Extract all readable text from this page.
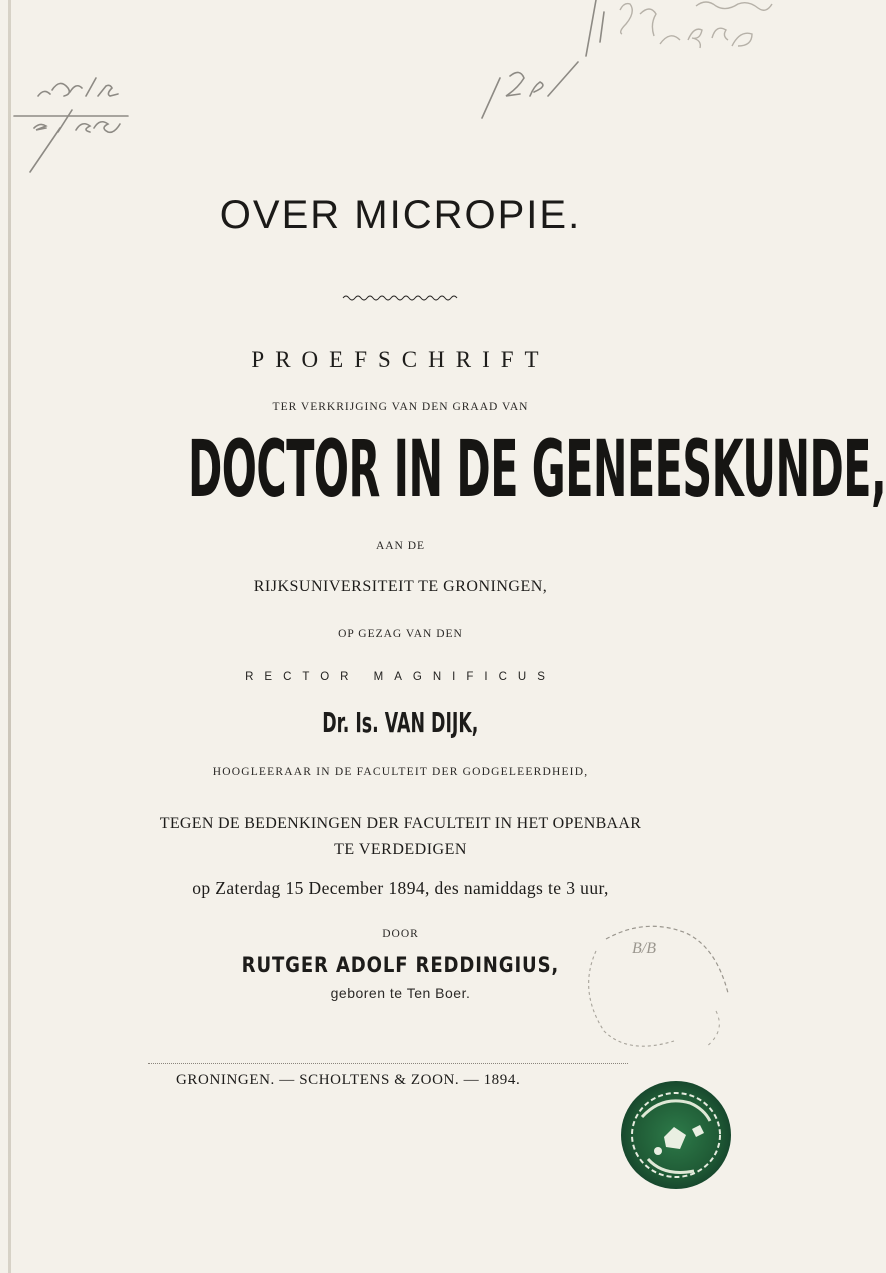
OVER MICROPIE.
PROEFSCHRIFT
TER VERKRIJGING VAN DEN GRAAD VAN
DOCTOR IN DE GENEESKUNDE,
AAN DE
RIJKSUNIVERSITEIT TE GRONINGEN,
OP GEZAG VAN DEN
RECTOR MAGNIFICUS
Dr. Is. VAN DIJK,
HOOGLEERAAR IN DE FACULTEIT DER GODGELEERDHEID,
TEGEN DE BEDENKINGEN DER FACULTEIT IN HET OPENBAAR
TE VERDEDIGEN
op Zaterdag 15 December 1894, des namiddags te 3 uur,
DOOR
RUTGER ADOLF REDDINGIUS,
geboren te Ten Boer.
B/B
GRONINGEN. — SCHOLTENS & ZOON. — 1894.
